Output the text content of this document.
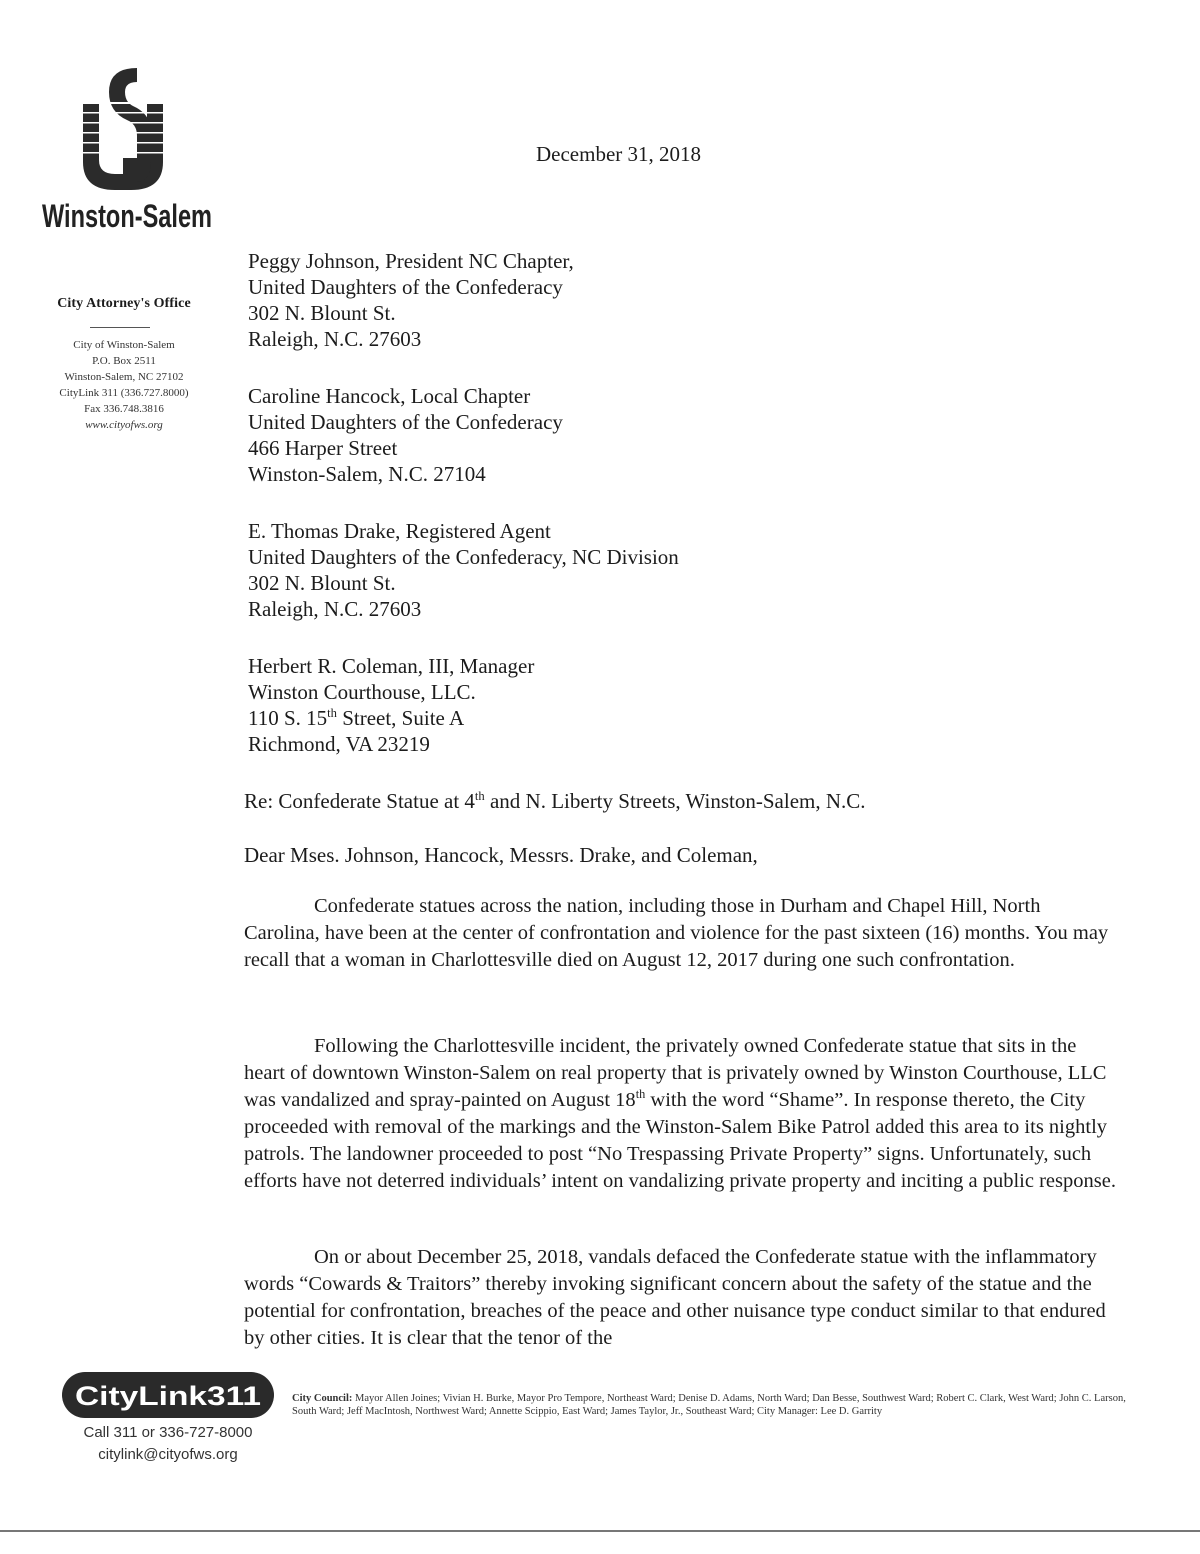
Winston-Salem
City Attorney's Office
City of Winston-Salem
P.O. Box 2511
Winston-Salem, NC 27102
CityLink 311 (336.727.8000)
Fax 336.748.3816
www.cityofws.org
December 31, 2018
Peggy Johnson, President NC Chapter,
United Daughters of the Confederacy
302 N. Blount St.
Raleigh, N.C. 27603
Caroline Hancock, Local Chapter
United Daughters of the Confederacy
466 Harper Street
Winston-Salem, N.C. 27104
E. Thomas Drake, Registered Agent
United Daughters of the Confederacy, NC Division
302 N. Blount St.
Raleigh, N.C. 27603
Herbert R. Coleman, III, Manager
Winston Courthouse, LLC.
110 S. 15th Street, Suite A
Richmond, VA 23219
Re: Confederate Statue at 4th and N. Liberty Streets, Winston-Salem, N.C.
Dear Mses. Johnson, Hancock, Messrs. Drake, and Coleman,
Confederate statues across the nation, including those in Durham and Chapel Hill, North Carolina, have been at the center of confrontation and violence for the past sixteen (16) months. You may recall that a woman in Charlottesville died on August 12, 2017 during one such confrontation.
Following the Charlottesville incident, the privately owned Confederate statue that sits in the heart of downtown Winston-Salem on real property that is privately owned by Winston Courthouse, LLC was vandalized and spray-painted on August 18th with the word “Shame”. In response thereto, the City proceeded with removal of the markings and the Winston-Salem Bike Patrol added this area to its nightly patrols. The landowner proceeded to post “No Trespassing Private Property” signs. Unfortunately, such efforts have not deterred individuals’ intent on vandalizing private property and inciting a public response.
On or about December 25, 2018, vandals defaced the Confederate statue with the inflammatory words “Cowards & Traitors” thereby invoking significant concern about the safety of the statue and the potential for confrontation, breaches of the peace and other nuisance type conduct similar to that endured by other cities. It is clear that the tenor of the
CityLink311
Call 311 or 336-727-8000
citylink@cityofws.org
City Council: Mayor Allen Joines; Vivian H. Burke, Mayor Pro Tempore, Northeast Ward; Denise D. Adams, North Ward; Dan Besse, Southwest Ward; Robert C. Clark, West Ward; John C. Larson, South Ward; Jeff MacIntosh, Northwest Ward; Annette Scippio, East Ward; James Taylor, Jr., Southeast Ward; City Manager: Lee D. Garrity
